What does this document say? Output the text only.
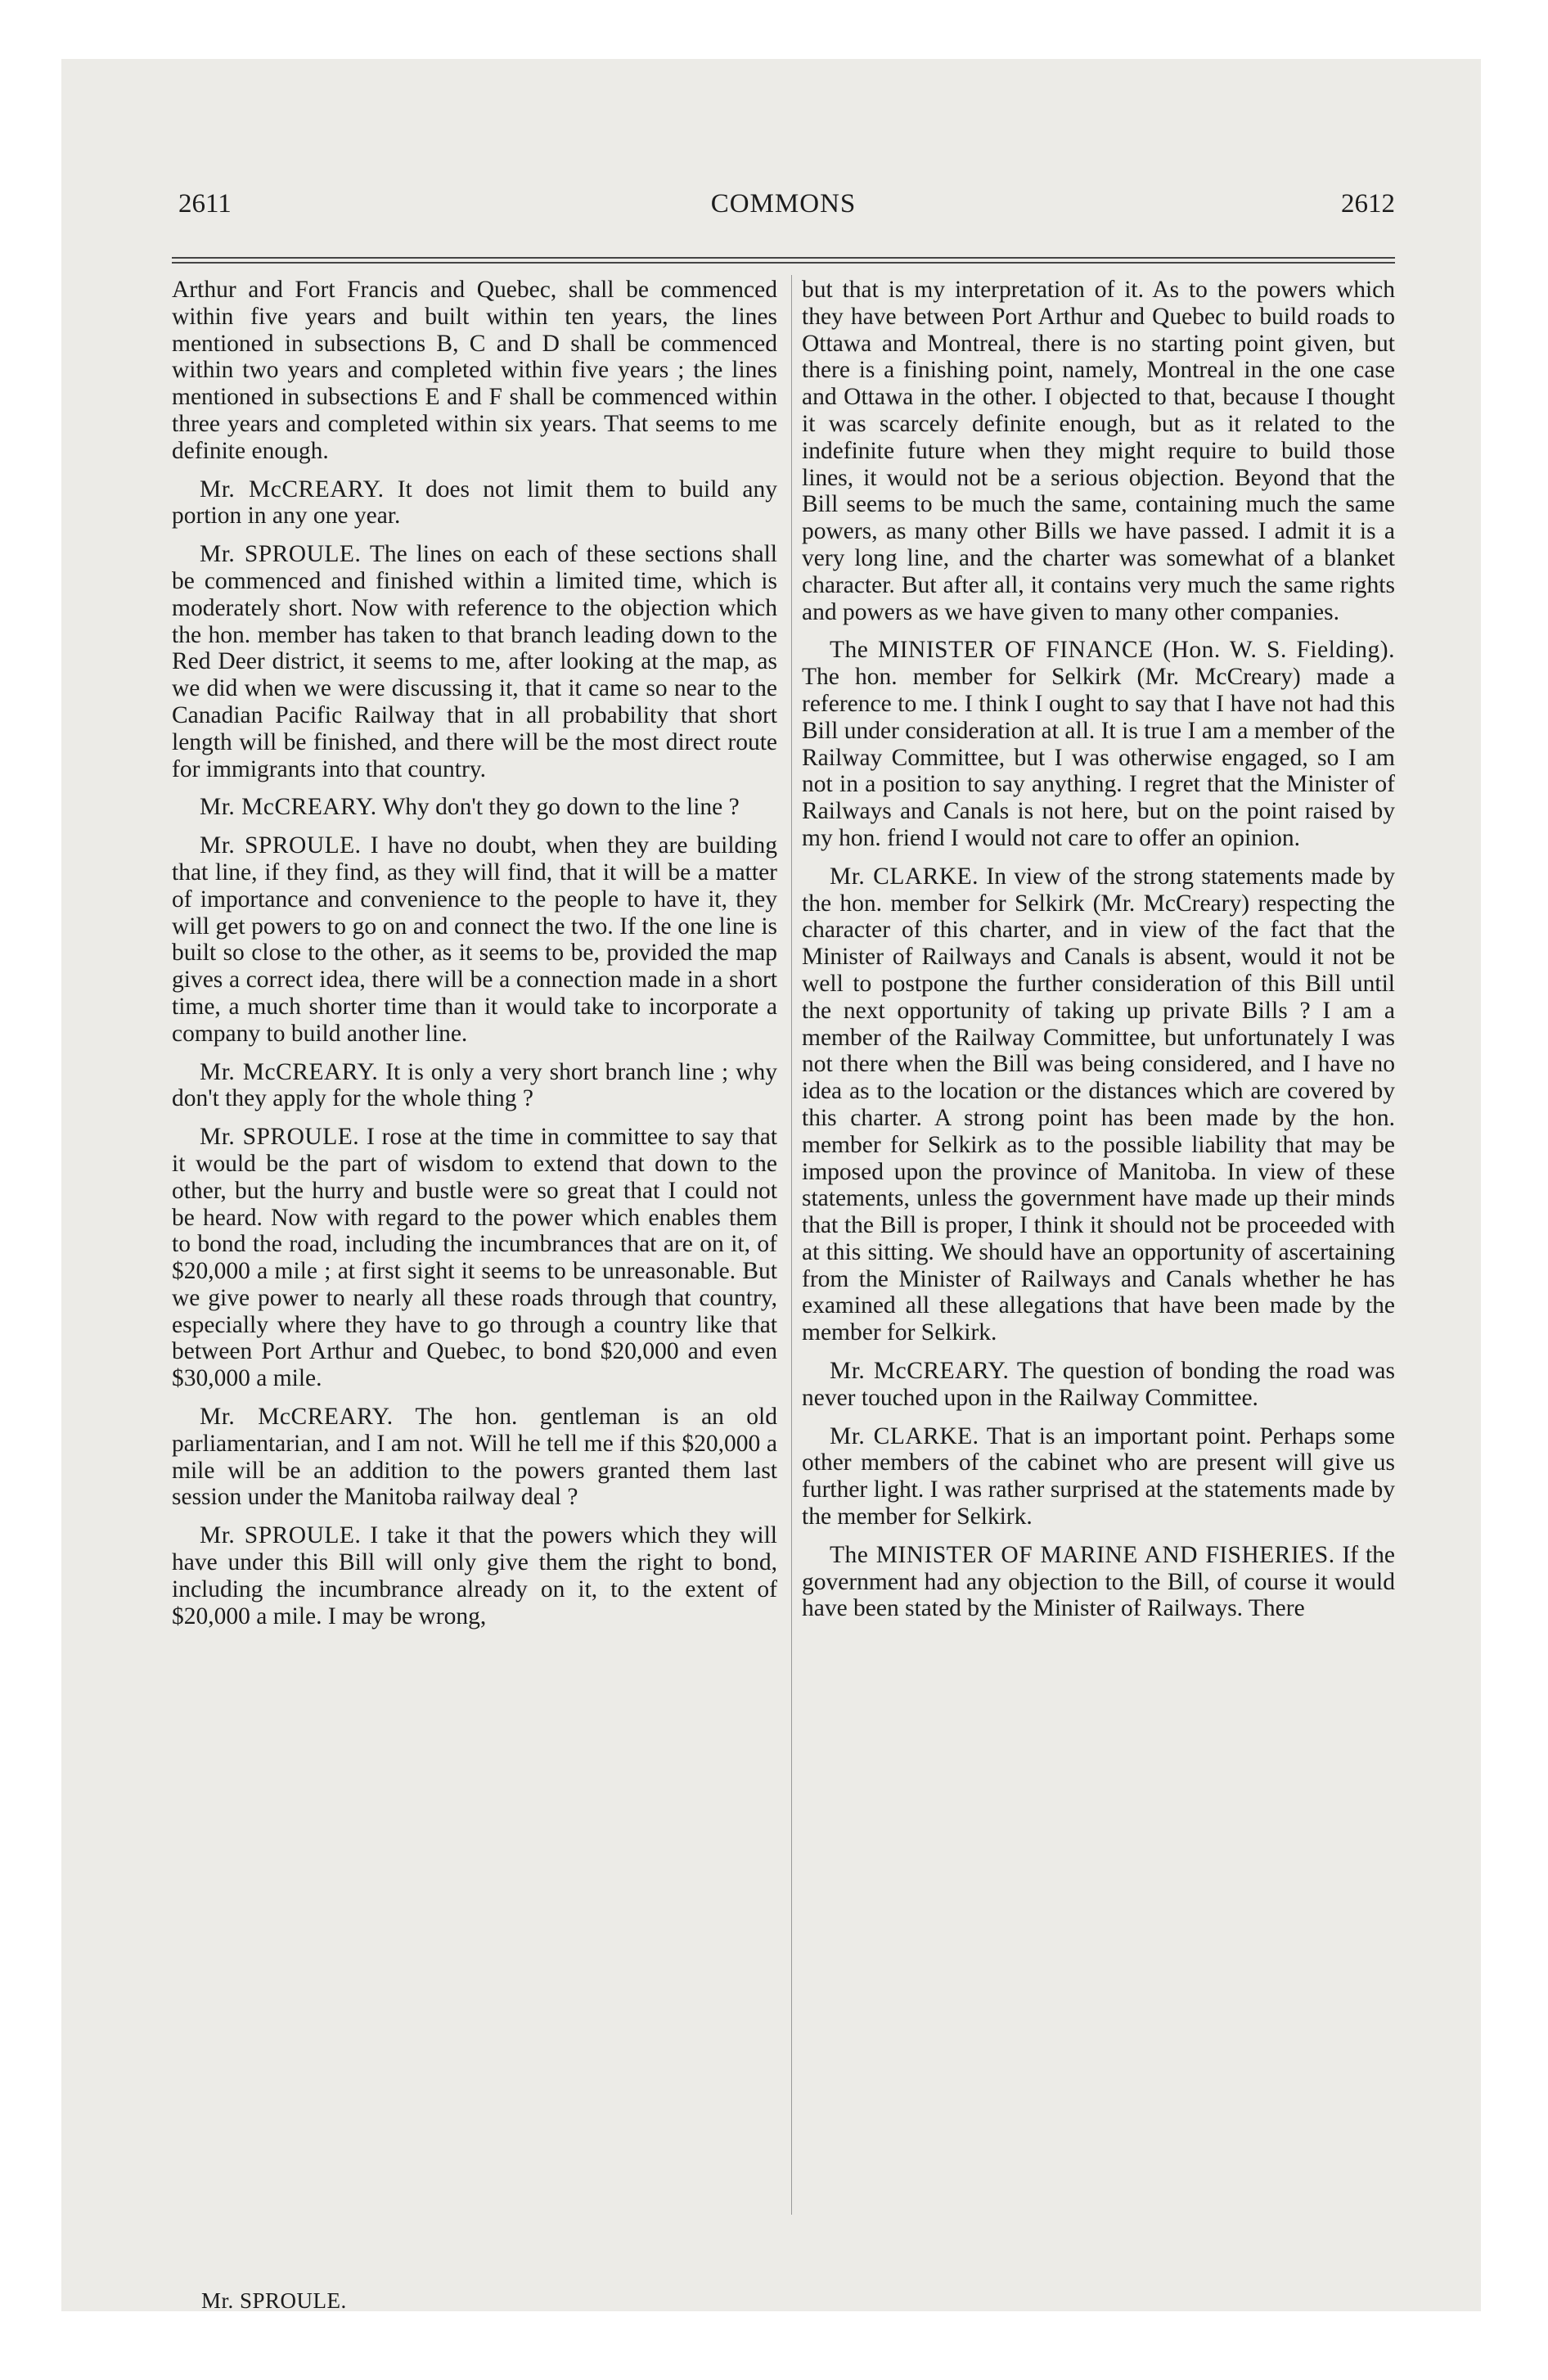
2611	COMMONS	2612

Arthur and Fort Francis and Quebec, shall be commenced within five years and built within ten years, the lines mentioned in subsections B, C and D shall be commenced within two years and completed within five years ; the lines mentioned in subsections E and F shall be commenced within three years and completed within six years. That seems to me definite enough.

Mr. McCREARY. It does not limit them to build any portion in any one year.

Mr. SPROULE. The lines on each of these sections shall be commenced and finished within a limited time, which is moderately short. Now with reference to the objection which the hon. member has taken to that branch leading down to the Red Deer district, it seems to me, after looking at the map, as we did when we were discussing it, that it came so near to the Canadian Pacific Railway that in all probability that short length will be finished, and there will be the most direct route for immigrants into that country.

Mr. McCREARY. Why don't they go down to the line ?

Mr. SPROULE. I have no doubt, when they are building that line, if they find, as they will find, that it will be a matter of importance and convenience to the people to have it, they will get powers to go on and connect the two. If the one line is built so close to the other, as it seems to be, provided the map gives a correct idea, there will be a connection made in a short time, a much shorter time than it would take to incorporate a company to build another line.

Mr. McCREARY. It is only a very short branch line ; why don't they apply for the whole thing ?

Mr. SPROULE. I rose at the time in committee to say that it would be the part of wisdom to extend that down to the other, but the hurry and bustle were so great that I could not be heard. Now with regard to the power which enables them to bond the road, including the incumbrances that are on it, of $20,000 a mile ; at first sight it seems to be unreasonable. But we give power to nearly all these roads through that country, especially where they have to go through a country like that between Port Arthur and Quebec, to bond $20,000 and even $30,000 a mile.

Mr. McCREARY. The hon. gentleman is an old parliamentarian, and I am not. Will he tell me if this $20,000 a mile will be an addition to the powers granted them last session under the Manitoba railway deal ?

Mr. SPROULE. I take it that the powers which they will have under this Bill will only give them the right to bond, including the incumbrance already on it, to the extent of $20,000 a mile. I may be wrong,

but that is my interpretation of it. As to the powers which they have between Port Arthur and Quebec to build roads to Ottawa and Montreal, there is no starting point given, but there is a finishing point, namely, Montreal in the one case and Ottawa in the other. I objected to that, because I thought it was scarcely definite enough, but as it related to the indefinite future when they might require to build those lines, it would not be a serious objection. Beyond that the Bill seems to be much the same, containing much the same powers, as many other Bills we have passed. I admit it is a very long line, and the charter was somewhat of a blanket character. But after all, it contains very much the same rights and powers as we have given to many other companies.

The MINISTER OF FINANCE (Hon. W. S. Fielding). The hon. member for Selkirk (Mr. McCreary) made a reference to me. I think I ought to say that I have not had this Bill under consideration at all. It is true I am a member of the Railway Committee, but I was otherwise engaged, so I am not in a position to say anything. I regret that the Minister of Railways and Canals is not here, but on the point raised by my hon. friend I would not care to offer an opinion.

Mr. CLARKE. In view of the strong statements made by the hon. member for Selkirk (Mr. McCreary) respecting the character of this charter, and in view of the fact that the Minister of Railways and Canals is absent, would it not be well to postpone the further consideration of this Bill until the next opportunity of taking up private Bills ? I am a member of the Railway Committee, but unfortunately I was not there when the Bill was being considered, and I have no idea as to the location or the distances which are covered by this charter. A strong point has been made by the hon. member for Selkirk as to the possible liability that may be imposed upon the province of Manitoba. In view of these statements, unless the government have made up their minds that the Bill is proper, I think it should not be proceeded with at this sitting. We should have an opportunity of ascertaining from the Minister of Railways and Canals whether he has examined all these allegations that have been made by the member for Selkirk.

Mr. McCREARY. The question of bonding the road was never touched upon in the Railway Committee.

Mr. CLARKE. That is an important point. Perhaps some other members of the cabinet who are present will give us further light. I was rather surprised at the statements made by the member for Selkirk.

The MINISTER OF MARINE AND FISHERIES. If the government had any objection to the Bill, of course it would have been stated by the Minister of Railways. There

Mr. SPROULE.
